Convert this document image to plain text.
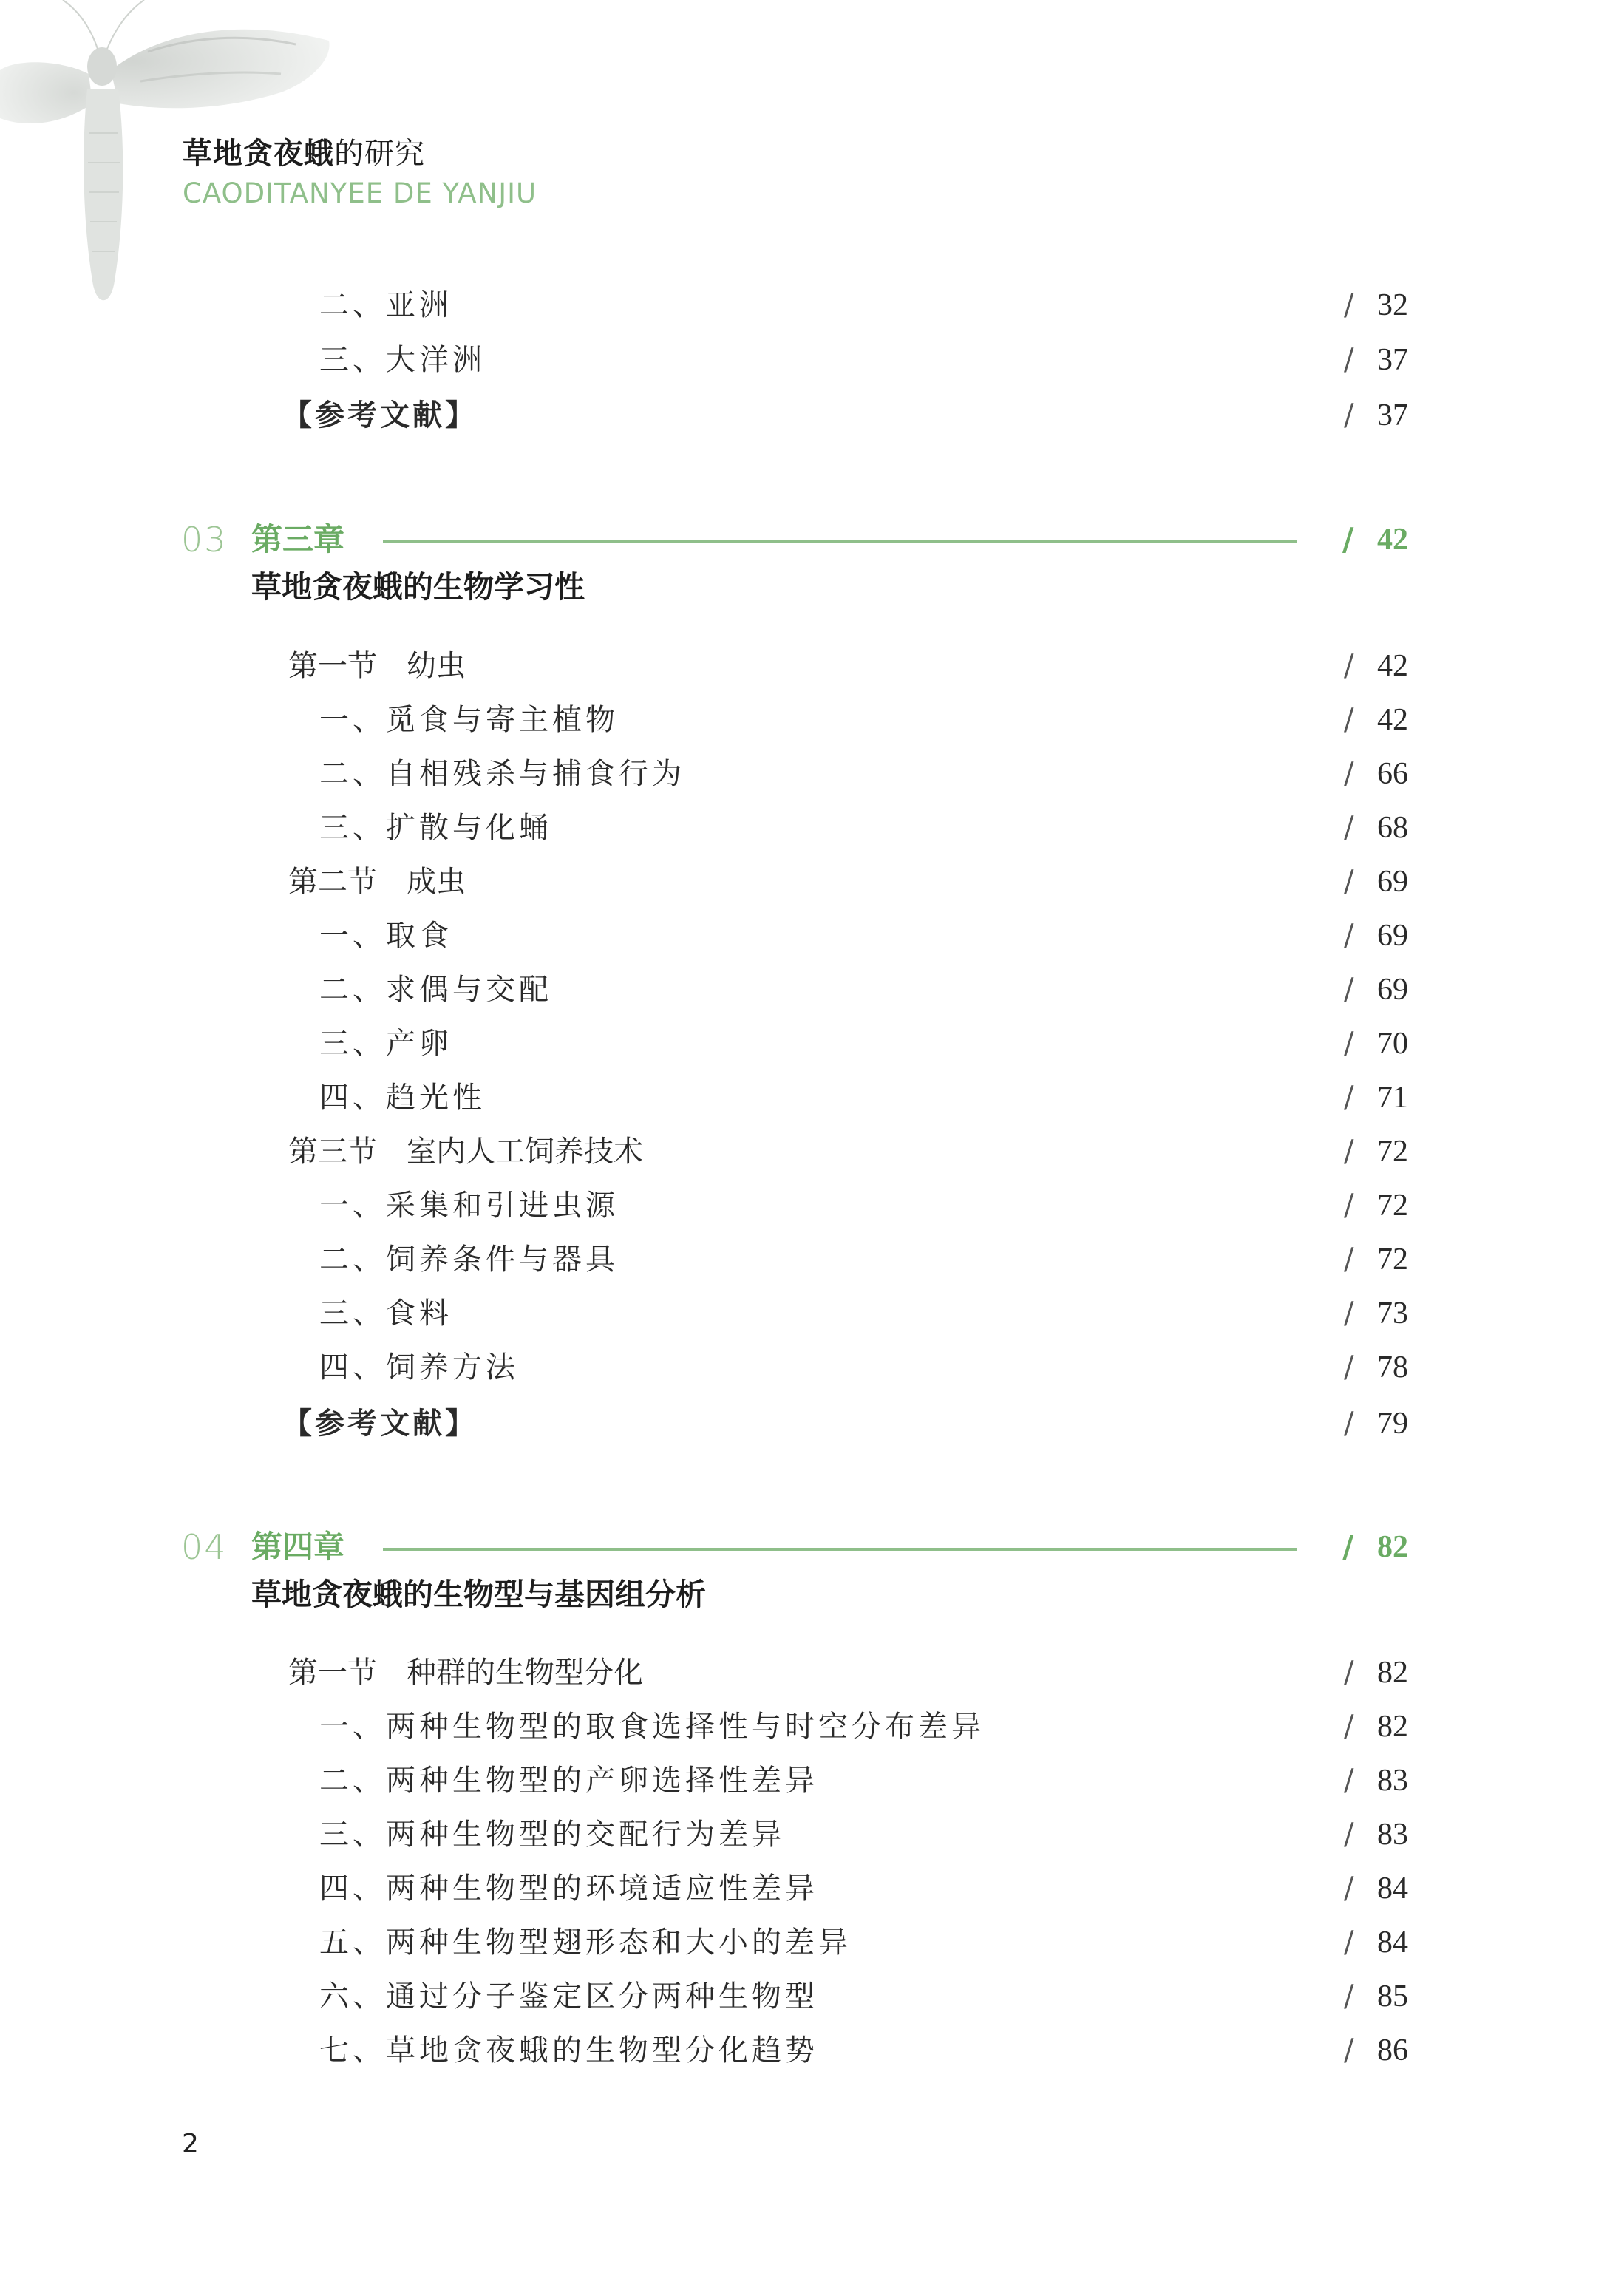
草地贪夜蛾的研究

CAODITANYEE DE YANJIU

二、亚洲	/ 32
三、大洋洲	/ 37
【参考文献】	/ 37
03 第三章	/ 42

草地贪夜蛾的生物学习性

第一节　幼虫	/ 42
一、觅食与寄主植物	/ 42
二、自相残杀与捕食行为	/ 66
三、扩散与化蛹	/ 68
第二节　成虫	/ 69
一、取食	/ 69
二、求偶与交配	/ 69
三、产卵	/ 70
四、趋光性	/ 71
第三节　室内人工饲养技术	/ 72
一、采集和引进虫源	/ 72
二、饲养条件与器具	/ 72
三、食料	/ 73
四、饲养方法	/ 78
【参考文献】	/ 79
04 第四章	/ 82

草地贪夜蛾的生物型与基因组分析

第一节　种群的生物型分化	/ 82
一、两种生物型的取食选择性与时空分布差异	/ 82
二、两种生物型的产卵选择性差异	/ 83
三、两种生物型的交配行为差异	/ 83
四、两种生物型的环境适应性差异	/ 84
五、两种生物型翅形态和大小的差异	/ 84
六、通过分子鉴定区分两种生物型	/ 85
七、草地贪夜蛾的生物型分化趋势	/ 86
2
